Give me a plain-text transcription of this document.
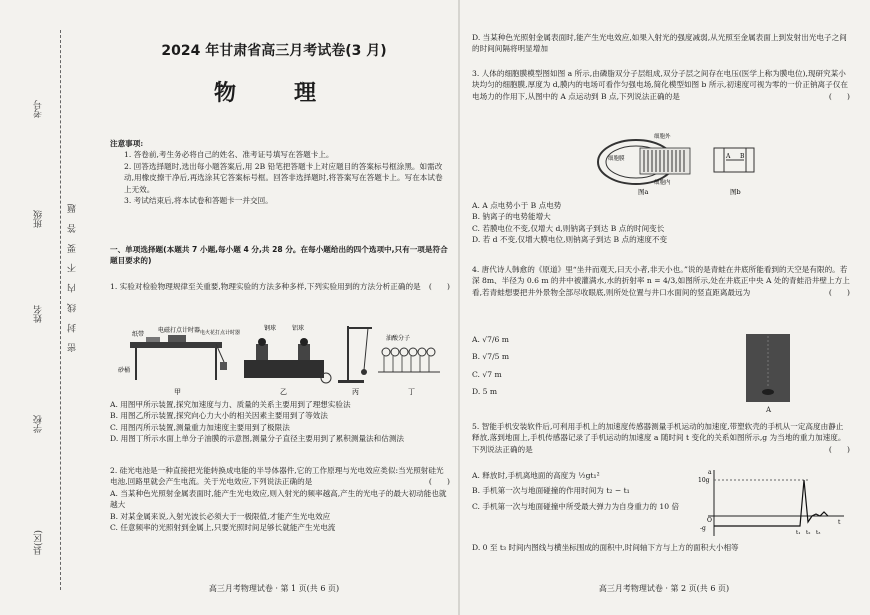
考号
班级
姓名
学校
县(区)
密 封 线 内 不 要 答 题
2024 年甘肃省高三月考试卷(3 月)
物　理
注意事项:
1. 答卷前,考生务必将自己的姓名、准考证号填写在答题卡上。
2. 回答选择题时,选出每小题答案后,用 2B 铅笔把答题卡上对应题目的答案标号框涂黑。如需改动,用橡皮擦干净后,再选涂其它答案标号框。回答非选择题时,将答案写在答题卡上。写在本试卷上无效。
3. 考试结束后,将本试卷和答题卡一并交回。
一、单项选择题(本题共 7 小题,每小题 4 分,共 28 分。在每小题给出的四个选项中,只有一项是符合题目要求的)
1. 实验对检验物理规律至关重要,物理实验的方法多种多样,下列实验用到的方法分析正确的是 (　　)
纸带
电磁打点计时器 电火花打点计时器
砂桶
钢球	铝球
油酸分子
甲	乙	丙	丁
A. 用图甲所示装置,探究加速度与力、质量的关系主要用到了理想实验法
B. 用图乙所示装置,探究向心力大小的相关因素主要用到了等效法
C. 用图丙所示装置,测量重力加速度主要用到了极限法
D. 用图丁所示水面上单分子油膜的示意图,测量分子直径主要用到了累积测量法和估测法
2. 硅光电池是一种直接把光能转换成电能的半导体器件,它的工作原理与光电效应类似:当光照射硅光电池,回路里就会产生电流。关于光电效应,下列说法正确的是	(　　)
A. 当某种色光照射金属表面时,能产生光电效应,则入射光的频率越高,产生的光电子的最大初动能也就越大
B. 对某金属来说,入射光波长必须大于一极限值,才能产生光电效应
C. 任意频率的光照射到金属上,只要光照时间足够长就能产生光电流
高三月考物理试卷 · 第 1 页(共 6 页)
D. 当某种色光照射金属表面时,能产生光电效应,如果入射光的强度减弱,从光照至金属表面上到发射出光电子之间的时间间隔将明显增加
3. 人体的细胞膜模型图如图 a 所示,由磷脂双分子层组成,双分子层之间存在电压(医学上称为膜电位),现研究某小块均匀的细胞膜,厚度为 d,膜内的电场可看作匀强电场,简化模型如图 b 所示,初速度可视为零的一价正钠离子仅在电场力的作用下,从图中的 A 点运动到 B 点,下列说法正确的是	(　　)
细胞外
细胞膜
细胞内
A B
图a	图b
A. A 点电势小于 B 点电势
B. 钠离子的电势能增大
C. 若膜电位不变,仅增大 d,则钠离子到达 B 点的时间变长
D. 若 d 不变,仅增大膜电位,则钠离子到达 B 点的速度不变
4. 唐代诗人韩愈的《原道》里“坐井而观天,曰天小者,非天小也。”说的是青蛙在井底所能看到的天空是有限的。若深 8m、半径为 0.6 m 的井中被灌满水,水的折射率 n = 4/3,如图所示,处在井底正中央 A 处的青蛙沿井壁上方上看,若青蛙想要把井外景物全部尽收眼底,则所处位置与井口水面间的竖直距离最远为	(　　)
A. √7/6 m
B. √7/5 m
C. √7 m
D. 5 m
A
5. 智能手机安装软件后,可利用手机上的加速度传感器测量手机运动的加速度,带塑软壳的手机从一定高度由静止释放,落到地面上,手机传感器记录了手机运动的加速度 a 随时间 t 变化的关系如图所示,g 为当地的重力加速度。下列说法正确的是	(　　)
A. 释放时,手机离地面的高度为 ½gt₁²
B. 手机第一次与地面碰撞的作用时间为 t₂ − t₁
C. 手机第一次与地面碰撞中所受最大弹力为自身重力的 10 倍
D. 0 至 t₃ 时间内图线与横坐标围成的面积中,时间轴下方与上方的面积大小相等
a
10g
O
-g
t₁ t₂ t₃
t
高三月考物理试卷 · 第 2 页(共 6 页)
